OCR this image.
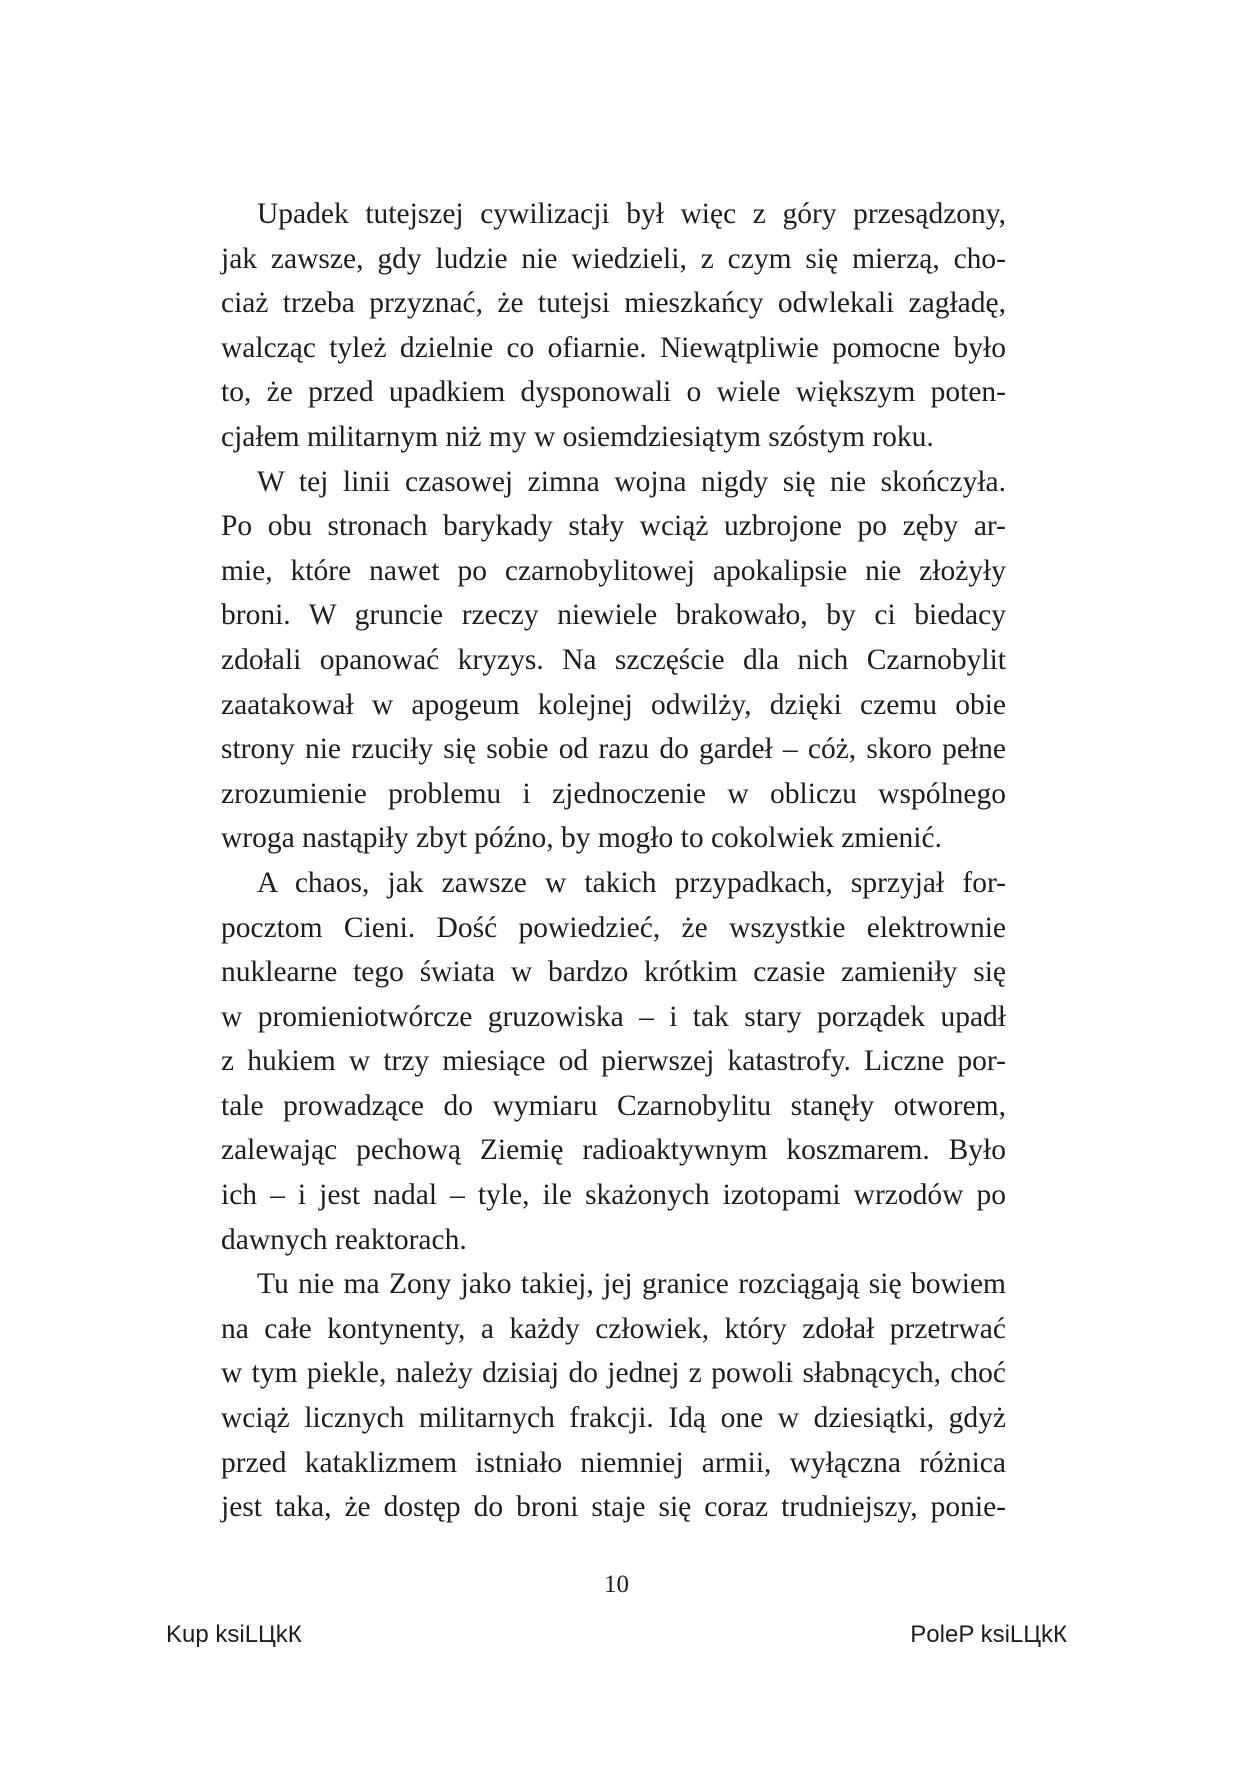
Upadek tutejszej cywilizacji był więc z góry przesądzony,
jak zawsze, gdy ludzie nie wiedzieli, z czym się mierzą, cho-
ciaż trzeba przyznać, że tutejsi mieszkańcy odwlekali zagładę,
walcząc tyleż dzielnie co ofiarnie. Niewątpliwie pomocne było
to, że przed upadkiem dysponowali o wiele większym poten-
cjałem militarnym niż my w osiemdziesiątym szóstym roku.

W tej linii czasowej zimna wojna nigdy się nie skończyła.
Po obu stronach barykady stały wciąż uzbrojone po zęby ar-
mie, które nawet po czarnobylitowej apokalipsie nie złożyły
broni. W gruncie rzeczy niewiele brakowało, by ci biedacy
zdołali opanować kryzys. Na szczęście dla nich Czarnobylit
zaatakował w apogeum kolejnej odwilży, dzięki czemu obie
strony nie rzuciły się sobie od razu do gardeł – cóż, skoro pełne
zrozumienie problemu i zjednoczenie w obliczu wspólnego
wroga nastąpiły zbyt późno, by mogło to cokolwiek zmienić.

A chaos, jak zawsze w takich przypadkach, sprzyjał for-
pocztom Cieni. Dość powiedzieć, że wszystkie elektrownie
nuklearne tego świata w bardzo krótkim czasie zamieniły się
w promieniotwórcze gruzowiska – i tak stary porządek upadł
z hukiem w trzy miesiące od pierwszej katastrofy. Liczne por-
tale prowadzące do wymiaru Czarnobylitu stanęły otworem,
zalewając pechową Ziemię radioaktywnym koszmarem. Było
ich – i jest nadal – tyle, ile skażonych izotopami wrzodów po
dawnych reaktorach.

Tu nie ma Zony jako takiej, jej granice rozciągają się bowiem
na całe kontynenty, a każdy człowiek, który zdołał przetrwać
w tym piekle, należy dzisiaj do jednej z powoli słabnących, choć
wciąż licznych militarnych frakcji. Idą one w dziesiątki, gdyż
przed kataklizmem istniało niemniej armii, wyłączna różnica
jest taka, że dostęp do broni staje się coraz trudniejszy, ponie-

10
Kup ksiLЦkК	PoleP ksiLЦkК
